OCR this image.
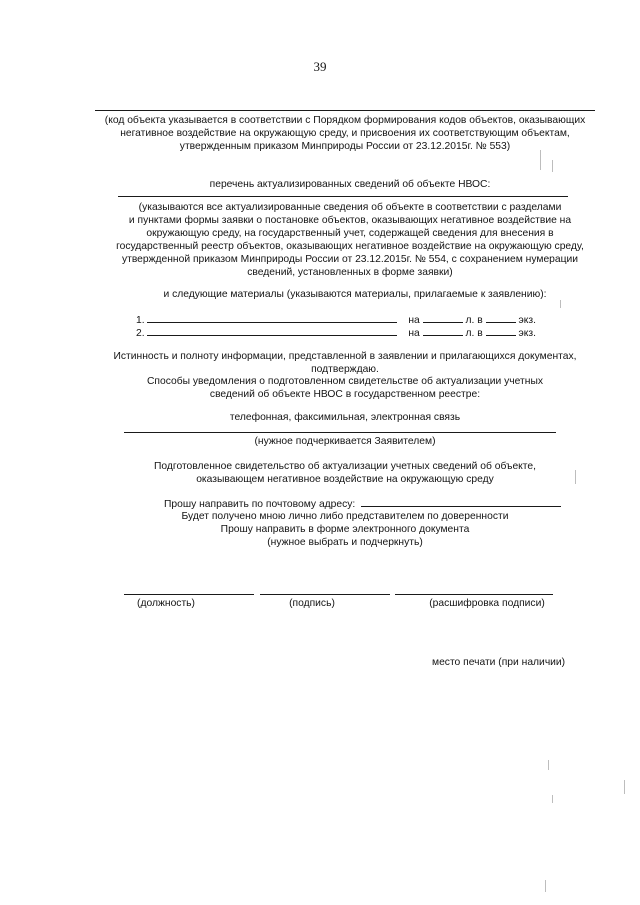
39
(код объекта указывается в соответствии с Порядком формирования кодов объектов, оказывающих
негативное воздействие на окружающую среду, и присвоения их соответствующим объектам,
утвержденным приказом Минприроды России от 23.12.2015г. № 553)
перечень актуализированных сведений об объекте НВОС:
(указываются все актуализированные сведения об объекте в соответствии с разделами
и пунктами формы заявки о постановке объектов, оказывающих негативное воздействие на
окружающую среду, на государственный учет, содержащей сведения для внесения в
государственный реестр объектов, оказывающих негативное воздействие на окружающую среду,
утвержденной приказом Минприроды России от 23.12.2015г. № 554, с сохранением нумерации
сведений, установленных в форме заявки)
и следующие материалы (указываются материалы, прилагаемые к заявлению):
1.	на	л. в	экз.
2.	на	л. в	экз.
Истинность и полноту информации, представленной в заявлении и прилагающихся документах,
подтверждаю.
Способы уведомления о подготовленном свидетельстве об актуализации учетных
сведений об объекте НВОС в государственном реестре:
телефонная, факсимильная, электронная связь
(нужное подчеркивается Заявителем)
Подготовленное свидетельство об актуализации учетных сведений об объекте,
оказывающем негативное воздействие на окружающую среду
Прошу направить по почтовому адресу:
Будет получено мною лично либо представителем по доверенности
Прошу направить в форме электронного документа
(нужное выбрать и подчеркнуть)
(должность)	(подпись)	(расшифровка подписи)
место печати (при наличии)
